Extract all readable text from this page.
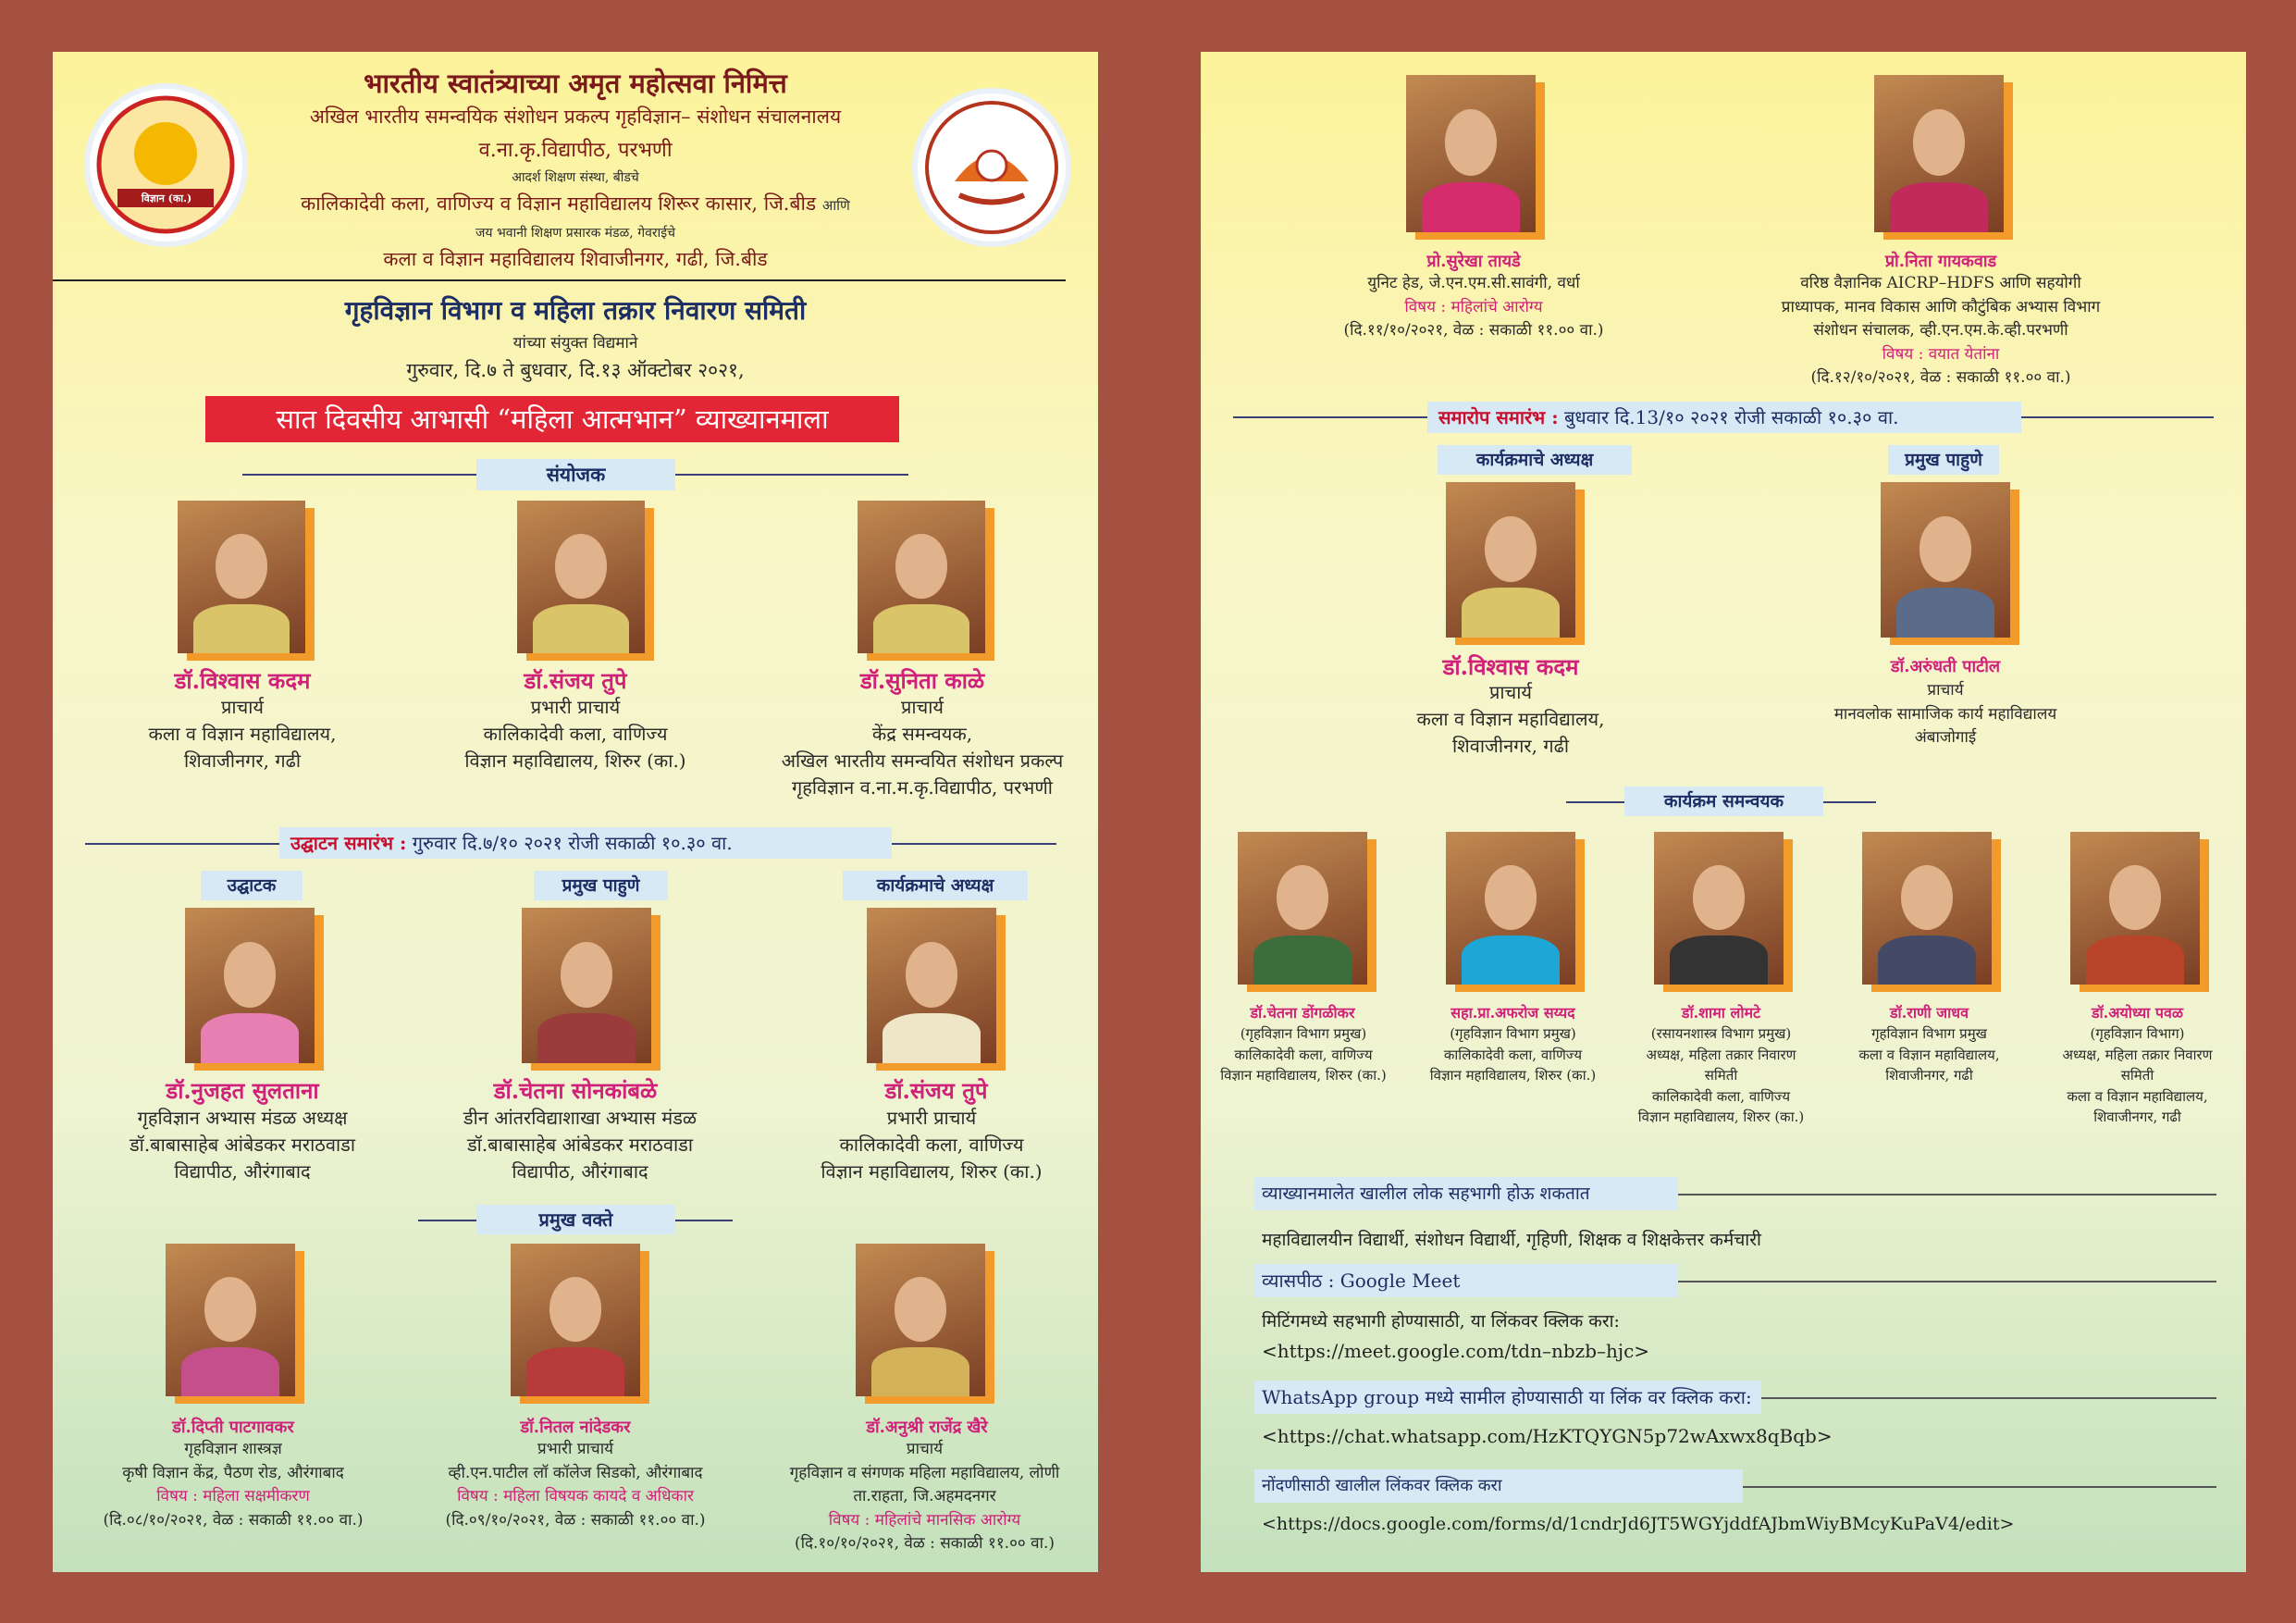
विज्ञान (का.)
भारतीय स्वातंत्र्याच्या अमृत महोत्सवा निमित्त
अखिल भारतीय समन्वयिक संशोधन प्रकल्प गृहविज्ञान– संशोधन संचालनालय
व.ना.कृ.विद्यापीठ, परभणी
आदर्श शिक्षण संस्था, बीडचे
कालिकादेवी कला, वाणिज्य व विज्ञान महाविद्यालय शिरूर कासार, जि.बीड आणि
जय भवानी शिक्षण प्रसारक मंडळ, गेवराईचे
कला व विज्ञान महाविद्यालय शिवाजीनगर, गढी, जि.बीड
गृहविज्ञान विभाग व महिला तक्रार निवारण समिती
यांच्या संयुक्त विद्यमाने
गुरुवार, दि.७ ते बुधवार, दि.१३ ऑक्टोबर २०२१,
सात दिवसीय आभासी “महिला आत्मभान” व्याख्यानमाला
संयोजक
डॉ.विश्वास कदम
प्राचार्य
कला व विज्ञान महाविद्यालय,
शिवाजीनगर, गढी
डॉ.संजय तुपे
प्रभारी प्राचार्य
कालिकादेवी कला, वाणिज्य
विज्ञान महाविद्यालय, शिरुर (का.)
डॉ.सुनिता काळे
प्राचार्य
केंद्र समन्वयक,
अखिल भारतीय समन्वयित संशोधन प्रकल्प
गृहविज्ञान व.ना.म.कृ.विद्यापीठ, परभणी
उद्घाटन समारंभ : गुरुवार दि.७/१० २०२१ रोजी सकाळी १०.३० वा.
उद्घाटक	प्रमुख पाहुणे	कार्यक्रमाचे अध्यक्ष
डॉ.नुजहत सुलताना
गृहविज्ञान अभ्यास मंडळ अध्यक्ष
डॉ.बाबासाहेब आंबेडकर मराठवाडा
विद्यापीठ, औरंगाबाद
डॉ.चेतना सोनकांबळे
डीन आंतरविद्याशाखा अभ्यास मंडळ
डॉ.बाबासाहेब आंबेडकर मराठवाडा
विद्यापीठ, औरंगाबाद
डॉ.संजय तुपे
प्रभारी प्राचार्य
कालिकादेवी कला, वाणिज्य
विज्ञान महाविद्यालय, शिरुर (का.)
प्रमुख वक्ते
डॉ.दिप्ती पाटगावकर
गृहविज्ञान शास्त्रज्ञ
कृषी विज्ञान केंद्र, पैठण रोड, औरंगाबाद
विषय : महिला सक्षमीकरण
(दि.०८/१०/२०२१, वेळ : सकाळी ११.०० वा.)
डॉ.नितल नांदेडकर
प्रभारी प्राचार्य
व्ही.एन.पाटील लॉ कॉलेज सिडको, औरंगाबाद
विषय : महिला विषयक कायदे व अधिकार
(दि.०९/१०/२०२१, वेळ : सकाळी ११.०० वा.)
डॉ.अनुश्री राजेंद्र खैरे
प्राचार्य
गृहविज्ञान व संगणक महिला महाविद्यालय, लोणी
ता.राहता, जि.अहमदनगर
विषय : महिलांचे मानसिक आरोग्य
(दि.१०/१०/२०२१, वेळ : सकाळी ११.०० वा.)
प्रो.सुरेखा तायडे
युनिट हेड, जे.एन.एम.सी.सावंगी, वर्धा
विषय : महिलांचे आरोग्य
(दि.११/१०/२०२१, वेळ : सकाळी ११.०० वा.)
प्रो.निता गायकवाड
वरिष्ठ वैज्ञानिक AICRP–HDFS आणि सहयोगी
प्राध्यापक, मानव विकास आणि कौटुंबिक अभ्यास विभाग
संशोधन संचालक, व्ही.एन.एम.के.व्ही.परभणी
विषय : वयात येतांना
(दि.१२/१०/२०२१, वेळ : सकाळी ११.०० वा.)
समारोप समारंभ : बुधवार दि.13/१० २०२१ रोजी सकाळी १०.३० वा.
कार्यक्रमाचे अध्यक्ष	प्रमुख पाहुणे
डॉ.विश्वास कदम
प्राचार्य
कला व विज्ञान महाविद्यालय,
शिवाजीनगर, गढी
डॉ.अरुंधती पाटील
प्राचार्य
मानवलोक सामाजिक कार्य महाविद्यालय
अंबाजोगाई
कार्यक्रम समन्वयक
डॉ.चेतना डोंगळीकर
(गृहविज्ञान विभाग प्रमुख)
कालिकादेवी कला, वाणिज्य
विज्ञान महाविद्यालय, शिरुर (का.)
सहा.प्रा.अफरोज सय्यद
(गृहविज्ञान विभाग प्रमुख)
कालिकादेवी कला, वाणिज्य
विज्ञान महाविद्यालय, शिरुर (का.)
डॉ.शामा लोमटे
(रसायनशास्त्र विभाग प्रमुख)
अध्यक्ष, महिला तक्रार निवारण
समिती
कालिकादेवी कला, वाणिज्य
विज्ञान महाविद्यालय, शिरुर (का.)
डॉ.राणी जाधव
गृहविज्ञान विभाग प्रमुख
कला व विज्ञान महाविद्यालय,
शिवाजीनगर, गढी
डॉ.अयोध्या पवळ
(गृहविज्ञान विभाग)
अध्यक्ष, महिला तक्रार निवारण
समिती
कला व विज्ञान महाविद्यालय,
शिवाजीनगर, गढी
व्याख्यानमालेत खालील लोक सहभागी होऊ शकतात
महाविद्यालयीन विद्यार्थी, संशोधन विद्यार्थी, गृहिणी, शिक्षक व शिक्षकेत्तर कर्मचारी
व्यासपीठ : Google Meet
मिटिंगमध्ये सहभागी होण्यासाठी, या लिंकवर क्लिक करा:
<https://meet.google.com/tdn–nbzb–hjc>
WhatsApp group मध्ये सामील होण्यासाठी या लिंक वर क्लिक करा:
<https://chat.whatsapp.com/HzKTQYGN5p72wAxwx8qBqb>
नोंदणीसाठी खालील लिंकवर क्लिक करा
<https://docs.google.com/forms/d/1cndrJd6JT5WGYjddfAJbmWiyBMcyKuPaV4/edit>
